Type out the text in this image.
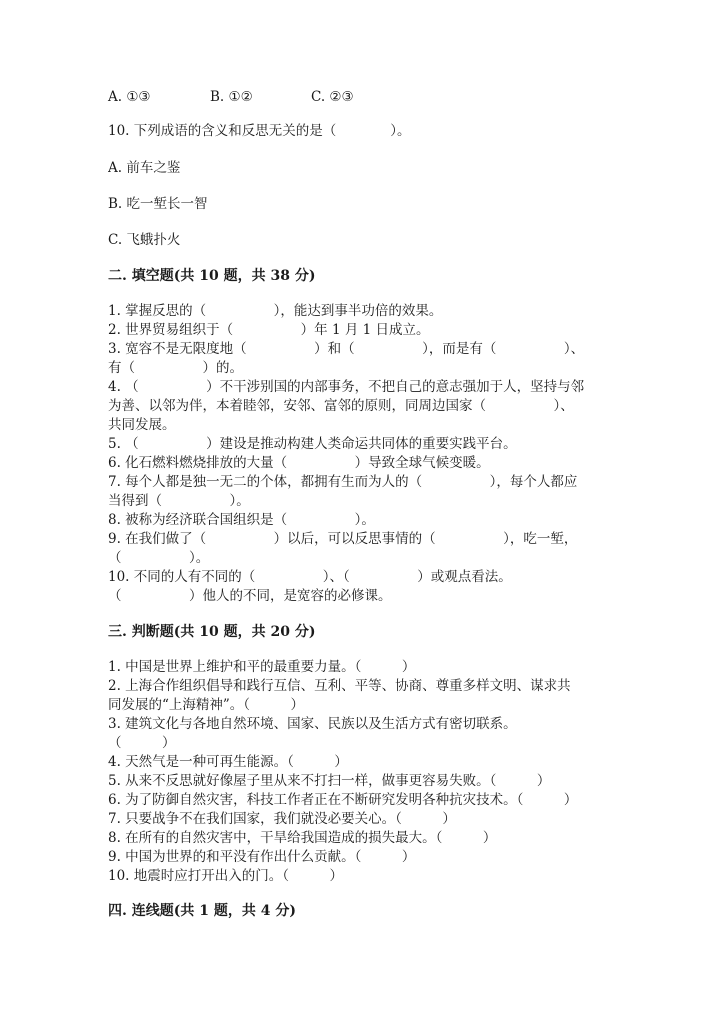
A. ①③	B. ①②	C. ②③
10. 下列成语的含义和反思无关的是（　　　　）。
A. 前车之鉴
B. 吃一堑长一智
C. 飞蛾扑火
二. 填空题(共 10 题，共 38 分)
1. 掌握反思的（　　　　　），能达到事半功倍的效果。
2. 世界贸易组织于（　　　　　）年 1 月 1 日成立。
3. 宽容不是无限度地（　　　　　）和（　　　　　），而是有（　　　　　）、
有（　　　　　）的。
4. （　　　　　）不干涉别国的内部事务，不把自己的意志强加于人，坚持与邻
为善、以邻为伴，本着睦邻，安邻、富邻的原则，同周边国家（　　　　　）、
共同发展。
5. （　　　　　）建设是推动构建人类命运共同体的重要实践平台。
6. 化石燃料燃烧排放的大量（　　　　　）导致全球气候变暖。
7. 每个人都是独一无二的个体，都拥有生而为人的（　　　　　），每个人都应
当得到（　　　　　）。
8. 被称为经济联合国组织是（　　　　　）。
9. 在我们做了（　　　　　）以后，可以反思事情的（　　　　　），吃一堑，
（　　　　　）。
10. 不同的人有不同的（　　　　　）、（　　　　　）或观点看法。
（　　　　　）他人的不同，是宽容的必修课。
三. 判断题(共 10 题，共 20 分)
1. 中国是世界上维护和平的最重要力量。（　　　）
2. 上海合作组织倡导和践行互信、互利、平等、协商、尊重多样文明、谋求共
同发展的“上海精神”。（　　　）
3. 建筑文化与各地自然环境、国家、民族以及生活方式有密切联系。
（　　　）
4. 天然气是一种可再生能源。（　　　）
5. 从来不反思就好像屋子里从来不打扫一样，做事更容易失败。（　　　）
6. 为了防御自然灾害，科技工作者正在不断研究发明各种抗灾技术。（　　　）
7. 只要战争不在我们国家，我们就没必要关心。（　　　）
8. 在所有的自然灾害中，干旱给我国造成的损失最大。（　　　）
9. 中国为世界的和平没有作出什么贡献。（　　　）
10. 地震时应打开出入的门。（　　　）
四. 连线题(共 1 题，共 4 分)
